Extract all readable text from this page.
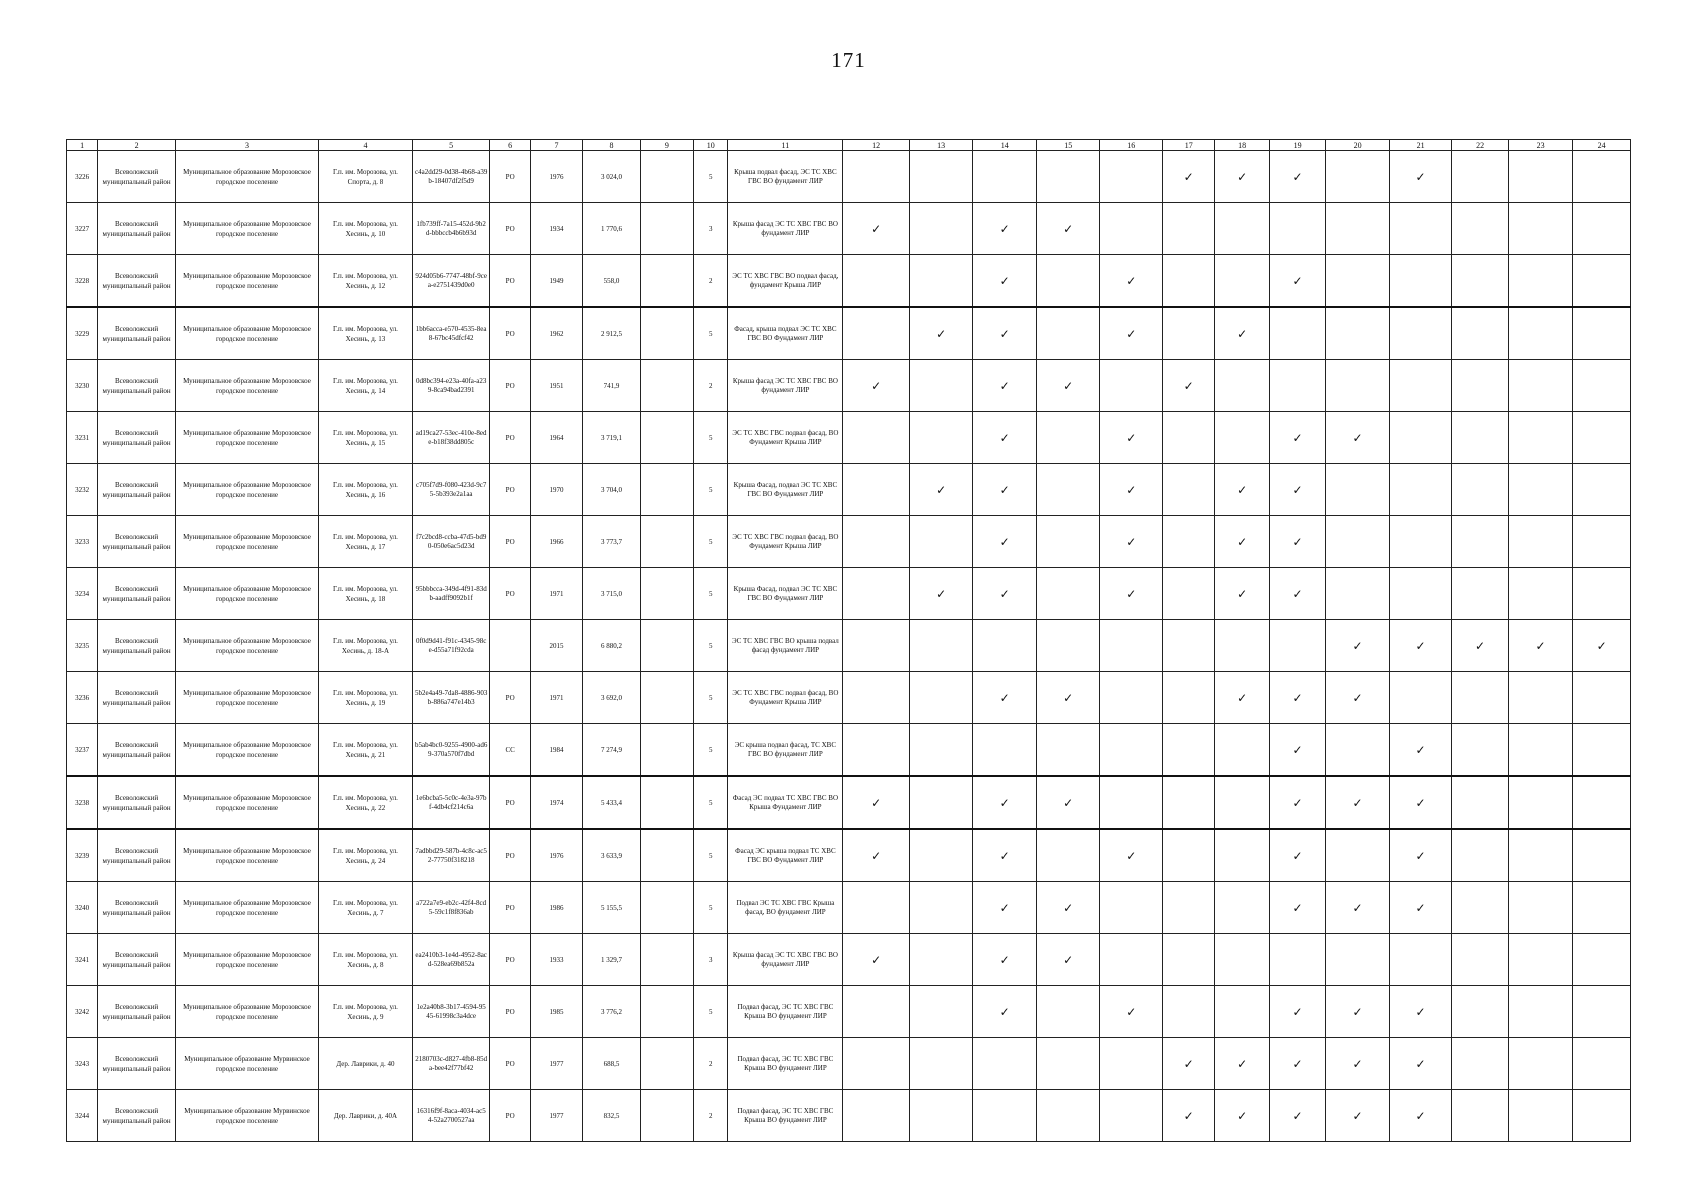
171
1	2	3	4	5	6	7	8	9	10	11	12	13	14	15	16	17	18	19	20	21	22	23	24
3226	Всеволожский муниципальный район	Муниципальное образование Морозовское городское поселение	Г.п. им. Морозова, ул. Спорта, д. 8	c4a2dd29-0d38-4b68-a39b-18407df2f5d9	РО	1976	3 024,0		5	Крыша подвал фасад, ЭС ТС ХВС ГВС ВО фундамент ЛИР						✓	✓	✓		✓			
3227	Всеволожский муниципальный район	Муниципальное образование Морозовское городское поселение	Г.п. им. Морозова, ул. Хесинь, д. 10	1fb739ff-7a15-452d-9b2d-bbbccb4b6b93d	РО	1934	1 770,6		3	Крыша фасад ЭС ТС ХВС ГВС ВО фундамент ЛИР	✓		✓	✓									
3228	Всеволожский муниципальный район	Муниципальное образование Морозовское городское поселение	Г.п. им. Морозова, ул. Хесинь, д. 12	924d05b6-7747-48bf-9cea-e2751439d0e0	РО	1949	558,0		2	ЭС ТС ХВС ГВС ВО подвал фасад, фундамент Крыша ЛИР			✓		✓			✓					
3229	Всеволожский муниципальный район	Муниципальное образование Морозовское городское поселение	Г.п. им. Морозова, ул. Хесинь, д. 13	1bb6acca-e570-4535-8ea8-67bc45dfcf42	РО	1962	2 912,5		5	Фасад, крыша подвал ЭС ТС ХВС ГВС ВО Фундамент ЛИР		✓	✓		✓		✓						
3230	Всеволожский муниципальный район	Муниципальное образование Морозовское городское поселение	Г.п. им. Морозова, ул. Хесинь, д. 14	0d8bc394-e23a-40fa-a239-8ca94bad2391	РО	1951	741,9		2	Крыша фасад ЭС ТС ХВС ГВС ВО фундамент ЛИР	✓		✓	✓		✓							
3231	Всеволожский муниципальный район	Муниципальное образование Морозовское городское поселение	Г.п. им. Морозова, ул. Хесинь, д. 15	ad19ca27-53ec-410e-8ede-b18f38dd805c	РО	1964	3 719,1		5	ЭС ТС ХВС ГВС подвал фасад, ВО Фундамент Крыша ЛИР			✓		✓			✓	✓				
3232	Всеволожский муниципальный район	Муниципальное образование Морозовское городское поселение	Г.п. им. Морозова, ул. Хесинь, д. 16	c705f7d9-f080-423d-9c75-5b393e2a1aa	РО	1970	3 704,0		5	Крыша Фасад, подвал ЭС ТС ХВС ГВС ВО Фундамент ЛИР		✓	✓		✓		✓	✓					
3233	Всеволожский муниципальный район	Муниципальное образование Морозовское городское поселение	Г.п. им. Морозова, ул. Хесинь, д. 17	f7c2bcd8-ccba-47d5-bd90-050e6ac5d23d	РО	1966	3 773,7		5	ЭС ТС ХВС ГВС подвал фасад, ВО Фундамент Крыша ЛИР			✓		✓		✓	✓					
3234	Всеволожский муниципальный район	Муниципальное образование Морозовское городское поселение	Г.п. им. Морозова, ул. Хесинь, д. 18	95bbbcca-349d-4f91-83db-aadff9092b1f	РО	1971	3 715,0		5	Крыша Фасад, подвал ЭС ТС ХВС ГВС ВО Фундамент ЛИР		✓	✓		✓		✓	✓					
3235	Всеволожский муниципальный район	Муниципальное образование Морозовское городское поселение	Г.п. им. Морозова, ул. Хесинь, д. 18-А	0f0d9d41-f91c-4345-98ce-d55a71f92cda		2015	6 880,2		5	ЭС ТС ХВС ГВС ВО крыша подвал фасад фундамент ЛИР									✓	✓	✓	✓	✓
3236	Всеволожский муниципальный район	Муниципальное образование Морозовское городское поселение	Г.п. им. Морозова, ул. Хесинь, д. 19	5b2e4a49-7da8-4886-903b-886a747e14b3	РО	1971	3 692,0		5	ЭС ТС ХВС ГВС подвал фасад, ВО Фундамент Крыша ЛИР			✓	✓			✓	✓	✓				
3237	Всеволожский муниципальный район	Муниципальное образование Морозовское городское поселение	Г.п. им. Морозова, ул. Хесинь, д. 21	b5ab4bc0-9255-4900-ad69-370a570f7dbd	СС	1984	7 274,9		5	ЭС крыша подвал фасад, ТС ХВС ГВС ВО фундамент ЛИР								✓		✓			
3238	Всеволожский муниципальный район	Муниципальное образование Морозовское городское поселение	Г.п. им. Морозова, ул. Хесинь, д. 22	1e6bcba5-5c0c-4e3a-97bf-4db4cf214c6a	РО	1974	5 433,4		5	Фасад ЭС подвал ТС ХВС ГВС ВО Крыша Фундамент ЛИР	✓		✓	✓				✓	✓	✓			
3239	Всеволожский муниципальный район	Муниципальное образование Морозовское городское поселение	Г.п. им. Морозова, ул. Хесинь, д. 24	7adbbd29-587b-4c8c-ac52-77750f318218	РО	1976	3 633,9		5	Фасад ЭС крыша подвал ТС ХВС ГВС ВО Фундамент ЛИР	✓		✓		✓			✓		✓			
3240	Всеволожский муниципальный район	Муниципальное образование Морозовское городское поселение	Г.п. им. Морозова, ул. Хесинь, д. 7	a722a7e9-eb2c-42f4-8cd5-59c1f8f836ab	РО	1986	5 155,5		5	Подвал ЭС ТС ХВС ГВС Крыша фасад, ВО фундамент ЛИР			✓	✓				✓	✓	✓			
3241	Всеволожский муниципальный район	Муниципальное образование Морозовское городское поселение	Г.п. им. Морозова, ул. Хесинь, д. 8	ea2410b3-1e4d-4952-8acd-528ea69b852a	РО	1933	1 329,7		3	Крыша фасад ЭС ТС ХВС ГВС ВО фундамент ЛИР	✓		✓	✓									
3242	Всеволожский муниципальный район	Муниципальное образование Морозовское городское поселение	Г.п. им. Морозова, ул. Хесинь, д. 9	1e2a40b8-3b17-4594-9545-61998c3a4dce	РО	1985	3 776,2		5	Подвал фасад, ЭС ТС ХВС ГВС Крыша ВО фундамент ЛИР			✓		✓			✓	✓	✓			
3243	Всеволожский муниципальный район	Муниципальное образование Мурвинское городское поселение	Дер. Лаврики, д. 40	2180703c-d827-4fb8-85da-bee42f77bf42	РО	1977	688,5		2	Подвал фасад, ЭС ТС ХВС ГВС Крыша ВО фундамент ЛИР						✓	✓	✓	✓	✓			
3244	Всеволожский муниципальный район	Муниципальное образование Мурвинское городское поселение	Дер. Лаврики, д. 40А	16316f9f-8aca-4034-ac54-52a2700527aa	РО	1977	832,5		2	Подвал фасад, ЭС ТС ХВС ГВС Крыша ВО фундамент ЛИР						✓	✓	✓	✓	✓			
